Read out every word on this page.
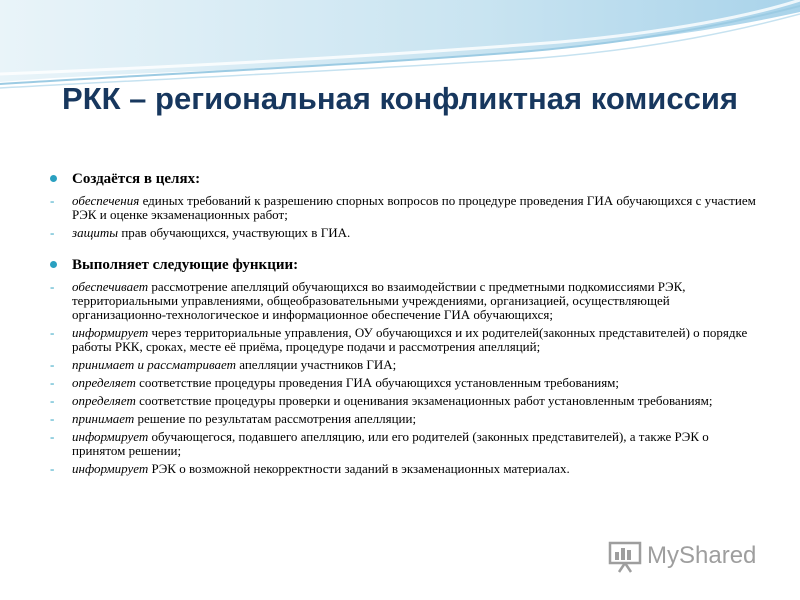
РКК – региональная конфликтная комиссия
Создаётся в целях:
- обеспечения единых требований к разрешению спорных вопросов по процедуре проведения ГИА обучающихся с участием РЭК и оценке экзаменационных работ;
- защиты прав обучающихся, участвующих в ГИА.
Выполняет следующие функции:
- обеспечивает рассмотрение апелляций обучающихся во взаимодействии с предметными подкомиссиями РЭК, территориальными управлениями, общеобразовательными учреждениями, организацией, осуществляющей организационно-технологическое и информационное обеспечение ГИА обучающихся;
- информирует через территориальные управления, ОУ обучающихся и их родителей(законных представителей) о порядке работы РКК, сроках, месте её приёма, процедуре подачи и рассмотрения апелляций;
- принимает и рассматривает апелляции участников ГИА;
- определяет соответствие процедуры проведения ГИА обучающихся установленным требованиям;
- определяет соответствие процедуры проверки и оценивания экзаменационных работ установленным требованиям;
- принимает решение по результатам рассмотрения апелляции;
- информирует обучающегося, подавшего апелляцию, или его родителей (законных представителей), а также РЭК о принятом решении;
- информирует РЭК о возможной некорректности заданий в экзаменационных материалах.
MyShared
